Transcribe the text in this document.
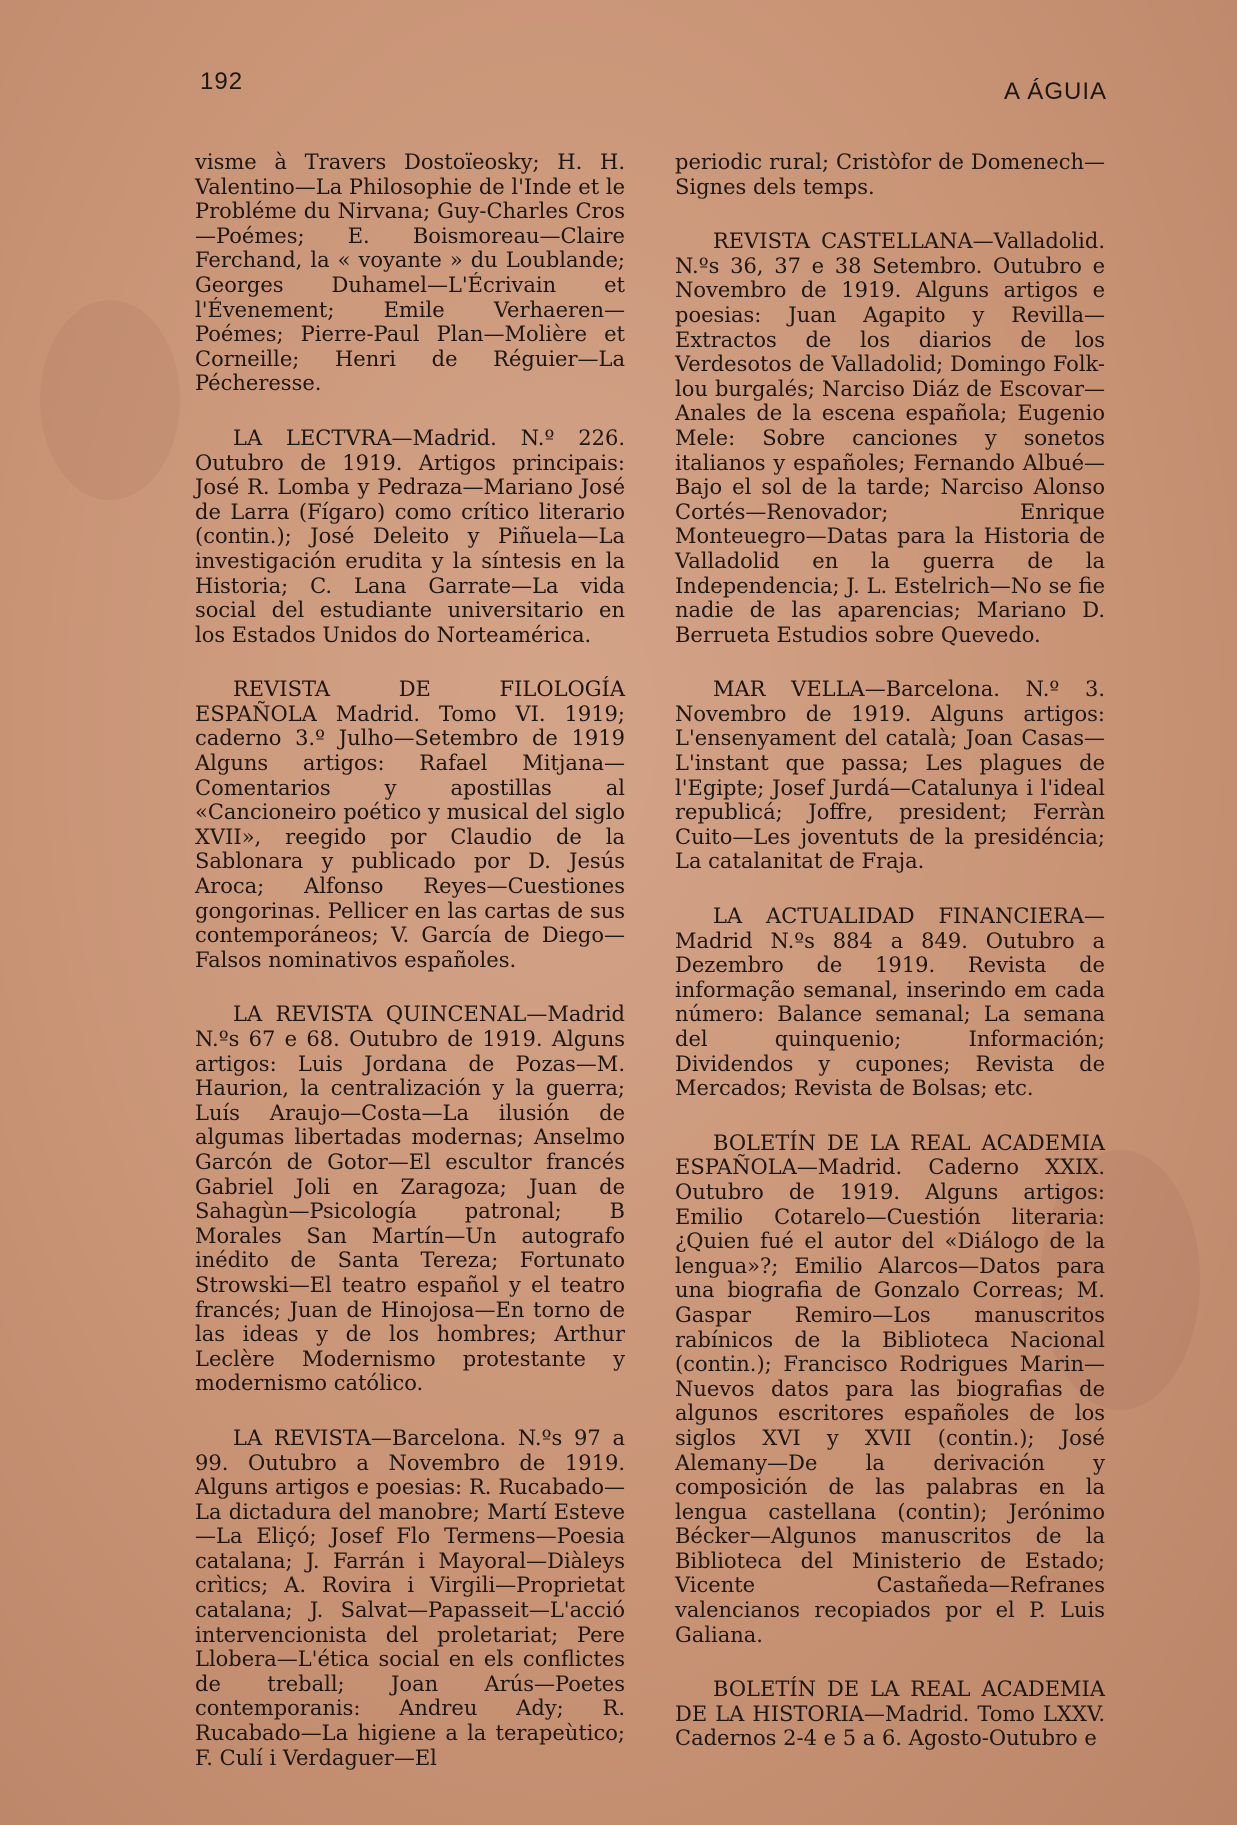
192	A ÁGUIA

visme à Travers Dostoïeosky; H. H. Valentino—La Philosophie de l'Inde et le Probléme du Nirvana; Guy-Charles Cros—Poémes; E. Boismoreau—Claire Ferchand, la « voyante » du Loublande; Georges Duhamel—L'Écrivain et l'Évenement; Emile Verhaeren—Poémes; Pierre-Paul Plan—Molière et Corneille; Henri de Réguier—La Pécheresse.

LA LECTVRA—Madrid. N.º 226. Outubro de 1919. Artigos principais: José R. Lomba y Pedraza—Mariano José de Larra (Fígaro) como crítico literario (contin.); José Deleito y Piñuela—La investigación erudita y la síntesis en la Historia; C. Lana Garrate—La vida social del estudiante universitario en los Estados Unidos do Norteamérica.

REVISTA DE FILOLOGÍA ESPAÑOLA Madrid. Tomo VI. 1919; caderno 3.º Julho—Setembro de 1919 Alguns artigos: Rafael Mitjana—Comentarios y apostillas al «Cancioneiro poético y musical del siglo XVII», reegido por Claudio de la Sablonara y publicado por D. Jesús Aroca; Alfonso Reyes—Cuestiones gongorinas. Pellicer en las cartas de sus contemporáneos; V. García de Diego—Falsos nominativos españoles.

LA REVISTA QUINCENAL—Madrid N.ºs 67 e 68. Outubro de 1919. Alguns artigos: Luis Jordana de Pozas—M. Haurion, la centralización y la guerra; Luís Araujo—Costa—La ilusión de algumas libertadas modernas; Anselmo Garcón de Gotor—El escultor francés Gabriel Joli en Zaragoza; Juan de Sahagùn—Psicología patronal; B Morales San Martín—Un autografo inédito de Santa Tereza; Fortunato Strowski—El teatro español y el teatro francés; Juan de Hinojosa—En torno de las ideas y de los hombres; Arthur Leclère Modernismo protestante y modernismo católico.

LA REVISTA—Barcelona. N.ºs 97 a 99. Outubro a Novembro de 1919. Alguns artigos e poesias: R. Rucabado—La dictadura del manobre; Martí Esteve—La Eliçó; Josef Flo Termens—Poesia catalana; J. Farrán i Mayoral—Diàleys crìtics; A. Rovira i Virgili—Proprietat catalana; J. Salvat—Papasseit—L'acció intervencionista del proletariat; Pere Llobera—L'ética social en els conflictes de treball; Joan Arús—Poetes contemporanis: Andreu Ady; R. Rucabado—La higiene a la terapeùtico; F. Culí i Verdaguer—El

periodic rural; Cristòfor de Domenech—Signes dels temps.

REVISTA CASTELLANA—Valladolid. N.ºs 36, 37 e 38 Setembro. Outubro e Novembro de 1919. Alguns artigos e poesias: Juan Agapito y Revilla—Extractos de los diarios de los Verdesotos de Valladolid; Domingo Folk-lou burgalés; Narciso Diáz de Escovar—Anales de la escena española; Eugenio Mele: Sobre canciones y sonetos italianos y españoles; Fernando Albué—Bajo el sol de la tarde; Narciso Alonso Cortés—Renovador; Enrique Monteuegro—Datas para la Historia de Valladolid en la guerra de la Independencia; J. L. Estelrich—No se fie nadie de las aparencias; Mariano D. Berrueta Estudios sobre Quevedo.

MAR VELLA—Barcelona. N.º 3. Novembro de 1919. Alguns artigos: L'ensenyament del català; Joan Casas—L'instant que passa; Les plagues de l'Egipte; Josef Jurdá—Catalunya i l'ideal republicá; Joffre, president; Ferràn Cuito—Les joventuts de la presidéncia; La catalanitat de Fraja.

LA ACTUALIDAD FINANCIERA—Madrid N.ºs 884 a 849. Outubro a Dezembro de 1919. Revista de informação semanal, inserindo em cada número: Balance semanal; La semana del quinquenio; Información; Dividendos y cupones; Revista de Mercados; Revista de Bolsas; etc.

BOLETÍN DE LA REAL ACADEMIA ESPAÑOLA—Madrid. Caderno XXIX. Outubro de 1919. Alguns artigos: Emilio Cotarelo—Cuestión literaria: ¿Quien fué el autor del «Diálogo de la lengua»?; Emilio Alarcos—Datos para una biografia de Gonzalo Correas; M. Gaspar Remiro—Los manuscritos rabínicos de la Biblioteca Nacional (contin.); Francisco Rodrigues Marin—Nuevos datos para las biografias de algunos escritores españoles de los siglos XVI y XVII (contin.); José Alemany—De la derivación y composición de las palabras en la lengua castellana (contin); Jerónimo Bécker—Algunos manuscritos de la Biblioteca del Ministerio de Estado; Vicente Castañeda—Refranes valencianos recopiados por el P. Luis Galiana.

BOLETÍN DE LA REAL ACADEMIA DE LA HISTORIA—Madrid. Tomo LXXV. Cadernos 2-4 e 5 a 6. Agosto-Outubro e
